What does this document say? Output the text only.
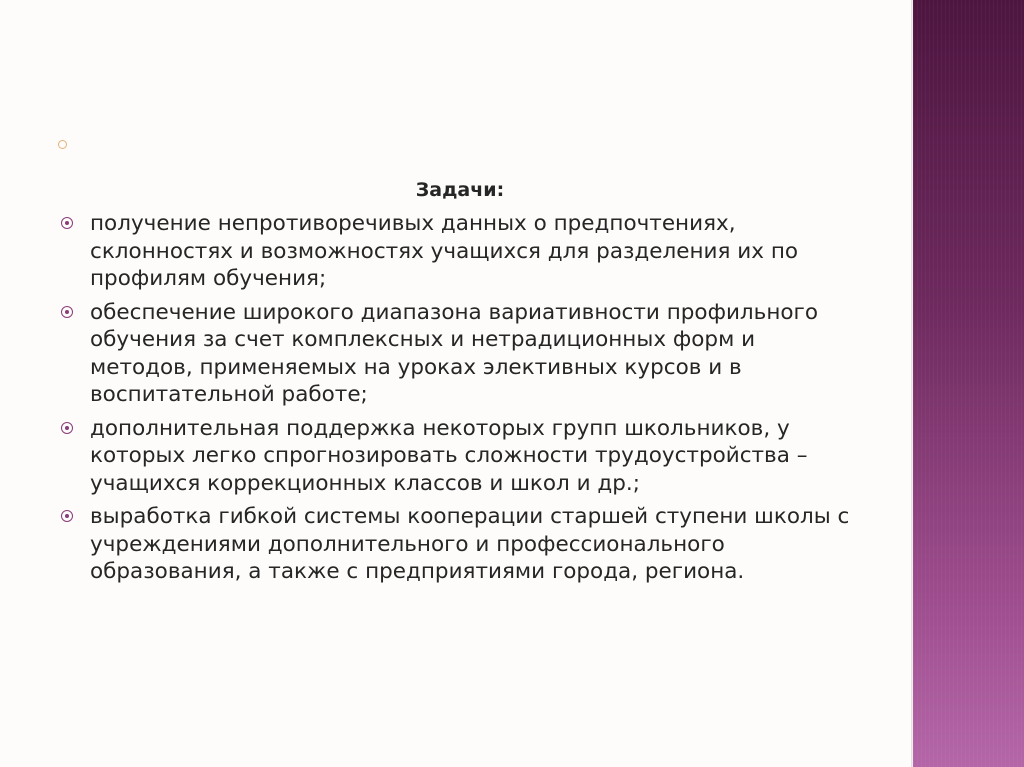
Задачи:
получение непротиворечивых данных о предпочтениях, склонностях и возможностях учащихся для разделения их по профилям обучения;
обеспечение широкого диапазона вариативности профильного обучения за счет комплексных и нетрадиционных форм и методов, применяемых на уроках элективных курсов и в воспитательной работе;
дополнительная поддержка некоторых групп школьников, у которых легко спрогнозировать сложности трудоустройства – учащихся коррекционных классов и школ и др.;
выработка гибкой системы кооперации старшей ступени школы с учреждениями дополнительного и профессионального образования, а также с предприятиями города, региона.
